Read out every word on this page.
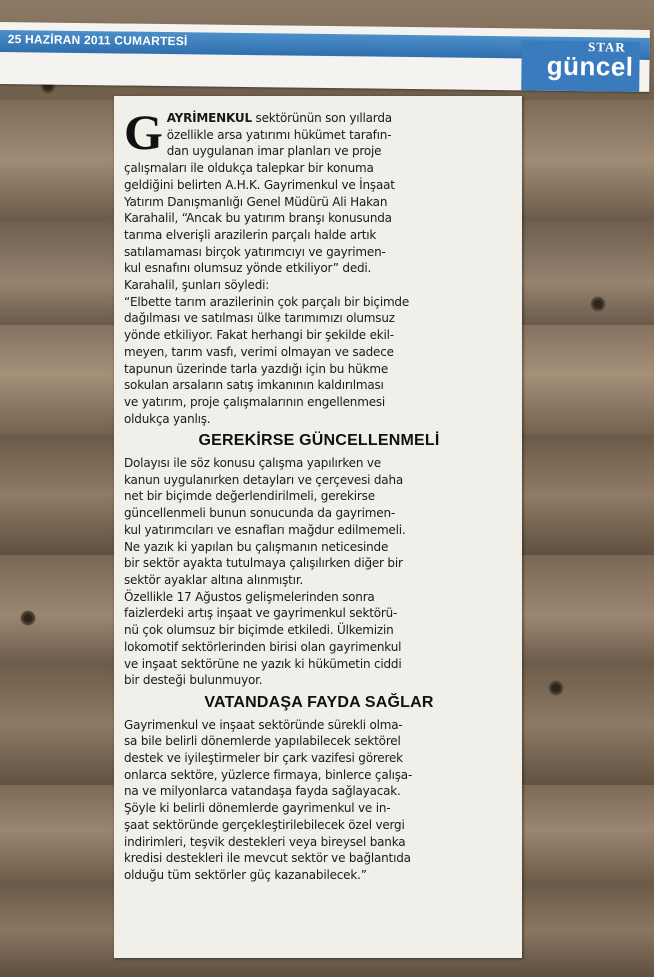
25 HAZİRAN 2011 CUMARTESİ	STAR
güncel
G AYRİMENKUL sektörünün son yıllarda
özellikle arsa yatırımı hükümet tarafın-
dan uygulanan imar planları ve proje
çalışmaları ile oldukça talepkar bir konuma
geldiğini belirten A.H.K. Gayrimenkul ve İnşaat
Yatırım Danışmanlığı Genel Müdürü Ali Hakan
Karahalil, “Ancak bu yatırım branşı konusunda
tarıma elverişli arazilerin parçalı halde artık
satılamaması birçok yatırımcıyı ve gayrimen-
kul esnafını olumsuz yönde etkiliyor” dedi.
Karahalil, şunları söyledi:
“Elbette tarım arazilerinin çok parçalı bir biçimde
dağılması ve satılması ülke tarımımızı olumsuz
yönde etkiliyor. Fakat herhangi bir şekilde ekil-
meyen, tarım vasfı, verimi olmayan ve sadece
tapunun üzerinde tarla yazdığı için bu hükme
sokulan arsaların satış imkanının kaldırılması
ve yatırım, proje çalışmalarının engellenmesi
oldukça yanlış.

GEREKİRSE GÜNCELLENMELİ

Dolayısı ile söz konusu çalışma yapılırken ve
kanun uygulanırken detayları ve çerçevesi daha
net bir biçimde değerlendirilmeli, gerekirse
güncellenmeli bunun sonucunda da gayrimen-
kul yatırımcıları ve esnafları mağdur edilmemeli.
Ne yazık ki yapılan bu çalışmanın neticesinde
bir sektör ayakta tutulmaya çalışılırken diğer bir
sektör ayaklar altına alınmıştır.
Özellikle 17 Ağustos gelişmelerinden sonra
faizlerdeki artış inşaat ve gayrimenkul sektörü-
nü çok olumsuz bir biçimde etkiledi. Ülkemizin
lokomotif sektörlerinden birisi olan gayrimenkul
ve inşaat sektörüne ne yazık ki hükümetin ciddi
bir desteği bulunmuyor.

VATANDAŞA FAYDA SAĞLAR

Gayrimenkul ve inşaat sektöründe sürekli olma-
sa bile belirli dönemlerde yapılabilecek sektörel
destek ve iyileştirmeler bir çark vazifesi görerek
onlarca sektöre, yüzlerce firmaya, binlerce çalışa-
na ve milyonlarca vatandaşa fayda sağlayacak.
Şöyle ki belirli dönemlerde gayrimenkul ve in-
şaat sektöründe gerçekleştirilebilecek özel vergi
indirimleri, teşvik destekleri veya bireysel banka
kredisi destekleri ile mevcut sektör ve bağlantıda
olduğu tüm sektörler güç kazanabilecek.”
